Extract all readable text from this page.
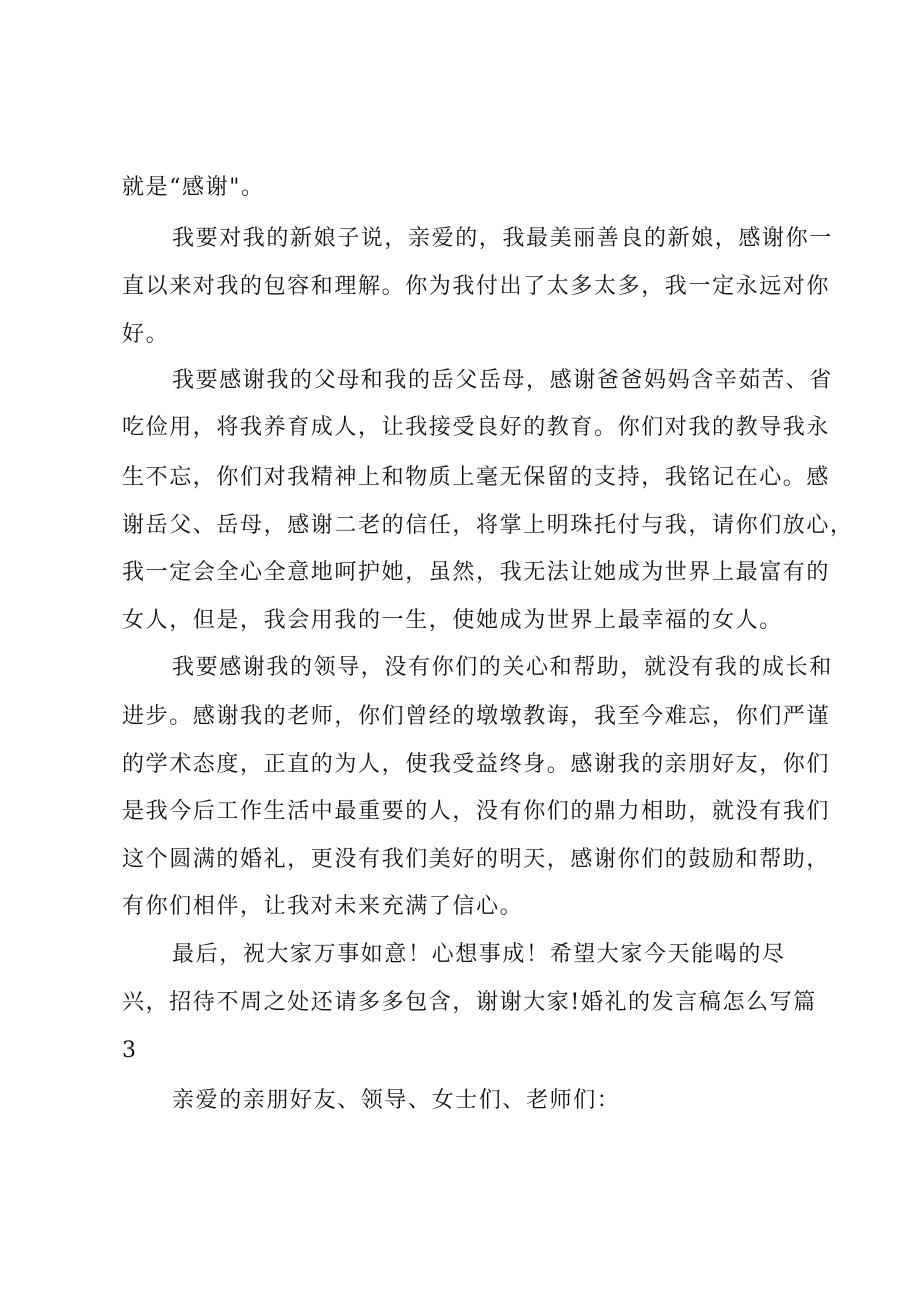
就是“感谢"。
我要对我的新娘子说，亲爱的，我最美丽善良的新娘，感谢你一
直以来对我的包容和理解。你为我付出了太多太多，我一定永远对你
好。
我要感谢我的父母和我的岳父岳母，感谢爸爸妈妈含辛茹苦、省
吃俭用，将我养育成人，让我接受良好的教育。你们对我的教导我永
生不忘，你们对我精神上和物质上毫无保留的支持，我铭记在心。感
谢岳父、岳母，感谢二老的信任，将掌上明珠托付与我，请你们放心，
我一定会全心全意地呵护她，虽然，我无法让她成为世界上最富有的
女人，但是，我会用我的一生，使她成为世界上最幸福的女人。
我要感谢我的领导，没有你们的关心和帮助，就没有我的成长和
进步。感谢我的老师，你们曾经的墩墩教诲，我至今难忘，你们严谨
的学术态度，正直的为人，使我受益终身。感谢我的亲朋好友，你们
是我今后工作生活中最重要的人，没有你们的鼎力相助，就没有我们
这个圆满的婚礼，更没有我们美好的明天，感谢你们的鼓励和帮助，
有你们相伴，让我对未来充满了信心。
最后，祝大家万事如意！心想事成！希望大家今天能喝的尽
兴，招待不周之处还请多多包含，谢谢大家!婚礼的发言稿怎么写篇
3
亲爱的亲朋好友、领导、女士们、老师们：
